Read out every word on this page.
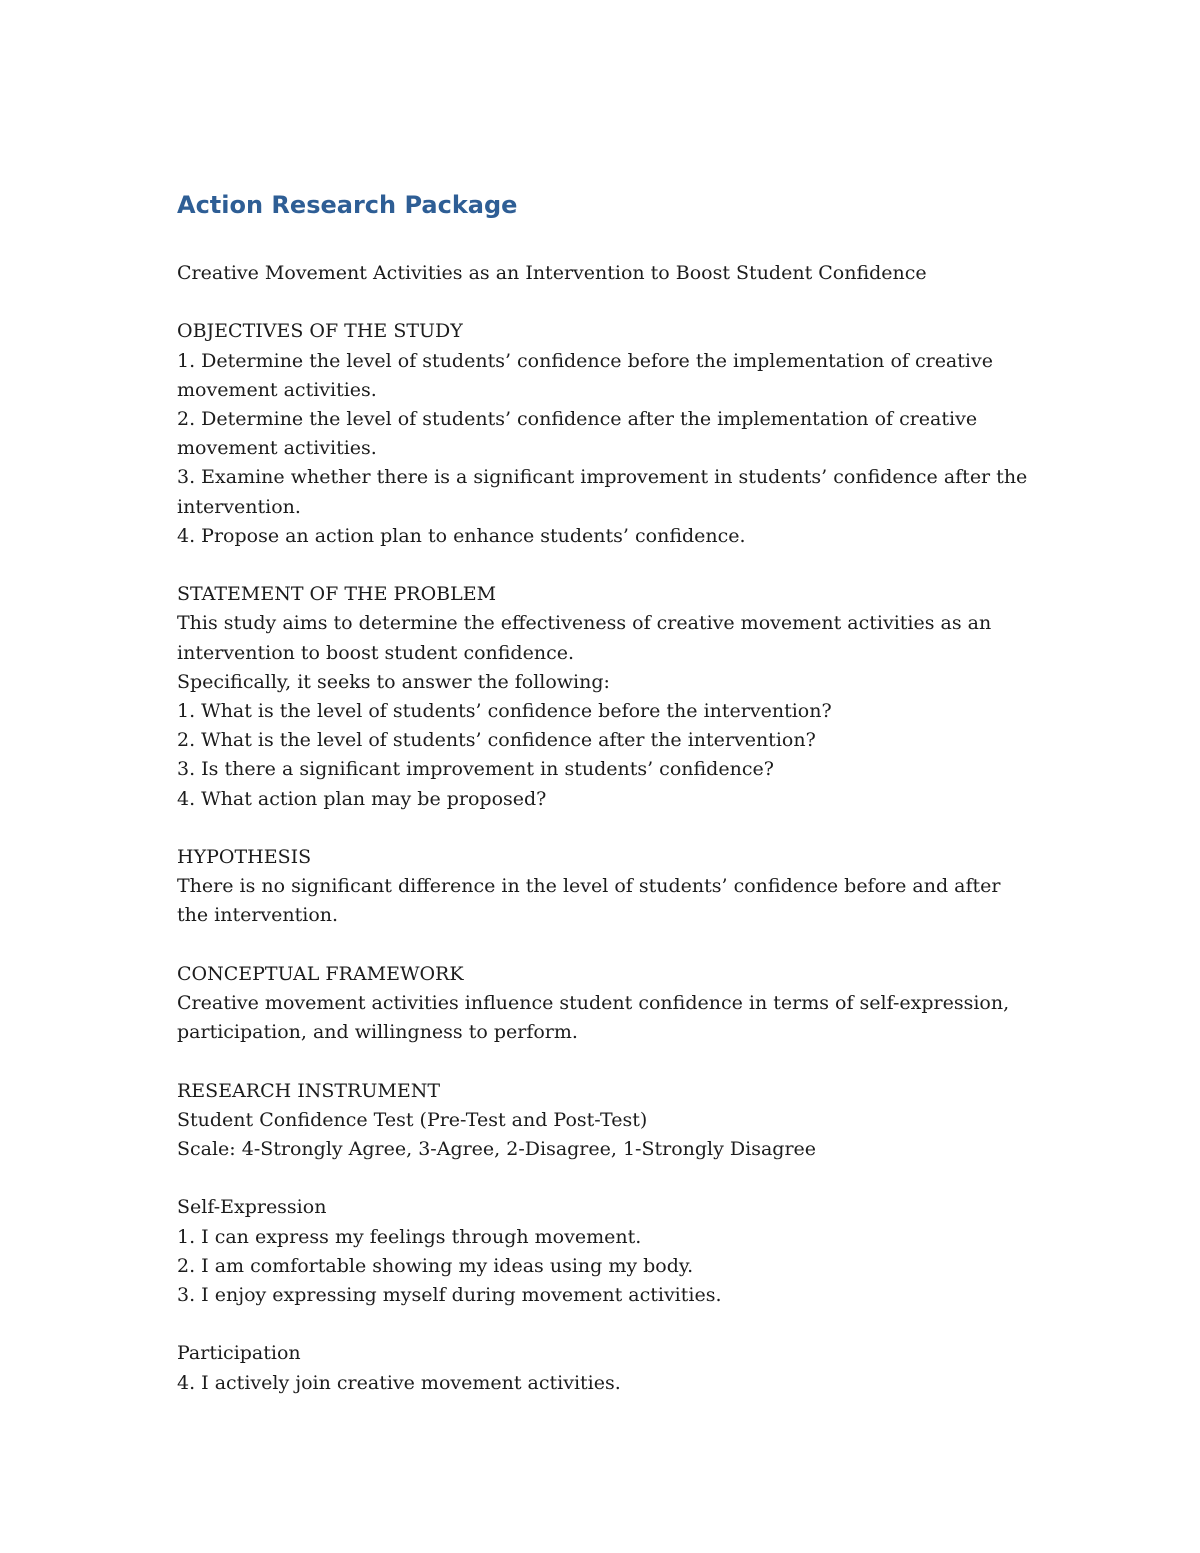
Action Research Package

Creative Movement Activities as an Intervention to Boost Student Confidence

OBJECTIVES OF THE STUDY

1. Determine the level of students’ confidence before the implementation of creative movement activities.

2. Determine the level of students’ confidence after the implementation of creative movement activities.

3. Examine whether there is a significant improvement in students’ confidence after the intervention.

4. Propose an action plan to enhance students’ confidence.

STATEMENT OF THE PROBLEM

This study aims to determine the effectiveness of creative movement activities as an intervention to boost student confidence.

Specifically, it seeks to answer the following:

1. What is the level of students’ confidence before the intervention?

2. What is the level of students’ confidence after the intervention?

3. Is there a significant improvement in students’ confidence?

4. What action plan may be proposed?

HYPOTHESIS

There is no significant difference in the level of students’ confidence before and after the intervention.

CONCEPTUAL FRAMEWORK

Creative movement activities influence student confidence in terms of self-expression, participation, and willingness to perform.

RESEARCH INSTRUMENT

Student Confidence Test (Pre-Test and Post-Test)

Scale: 4-Strongly Agree, 3-Agree, 2-Disagree, 1-Strongly Disagree

Self-Expression

1. I can express my feelings through movement.

2. I am comfortable showing my ideas using my body.

3. I enjoy expressing myself during movement activities.

Participation

4. I actively join creative movement activities.
